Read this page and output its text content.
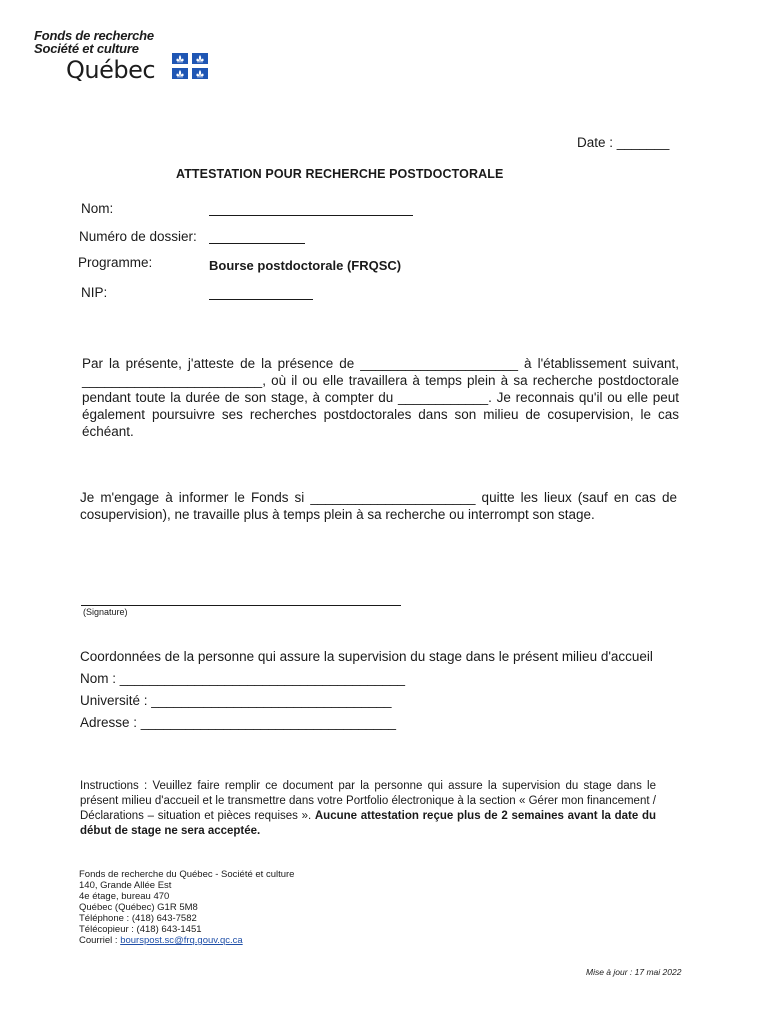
Fonds de recherche
Société et culture
Québec
Date : _______
ATTESTATION POUR RECHERCHE POSTDOCTORALE
Nom:
Numéro de dossier:
Programme:	Bourse postdoctorale (FRQSC)
NIP:
Par la présente, j'atteste de la présence de _____________________ à l'établissement suivant, ________________________, où il ou elle travaillera à temps plein à sa recherche postdoctorale pendant toute la durée de son stage, à compter du ____________. Je reconnais qu'il ou elle peut également poursuivre ses recherches postdoctorales dans son milieu de cosupervision, le cas échéant.
Je m'engage à informer le Fonds si ______________________ quitte les lieux (sauf en cas de cosupervision), ne travaille plus à temps plein à sa recherche ou interrompt son stage.
(Signature)
Coordonnées de la personne qui assure la supervision du stage dans le présent milieu d'accueil
Nom : ______________________________________
Université : ________________________________
Adresse : __________________________________
Instructions : Veuillez faire remplir ce document par la personne qui assure la supervision du stage dans le présent milieu d'accueil et le transmettre dans votre Portfolio électronique à la section « Gérer mon financement / Déclarations – situation et pièces requises ». Aucune attestation reçue plus de 2 semaines avant la date du début de stage ne sera acceptée.
Fonds de recherche du Québec - Société et culture
140, Grande Allée Est
4e étage, bureau 470
Québec (Québec) G1R 5M8
Téléphone : (418) 643-7582
Télécopieur : (418) 643-1451
Courriel : bourspost.sc@frq.gouv.qc.ca
Mise à jour : 17 mai 2022
